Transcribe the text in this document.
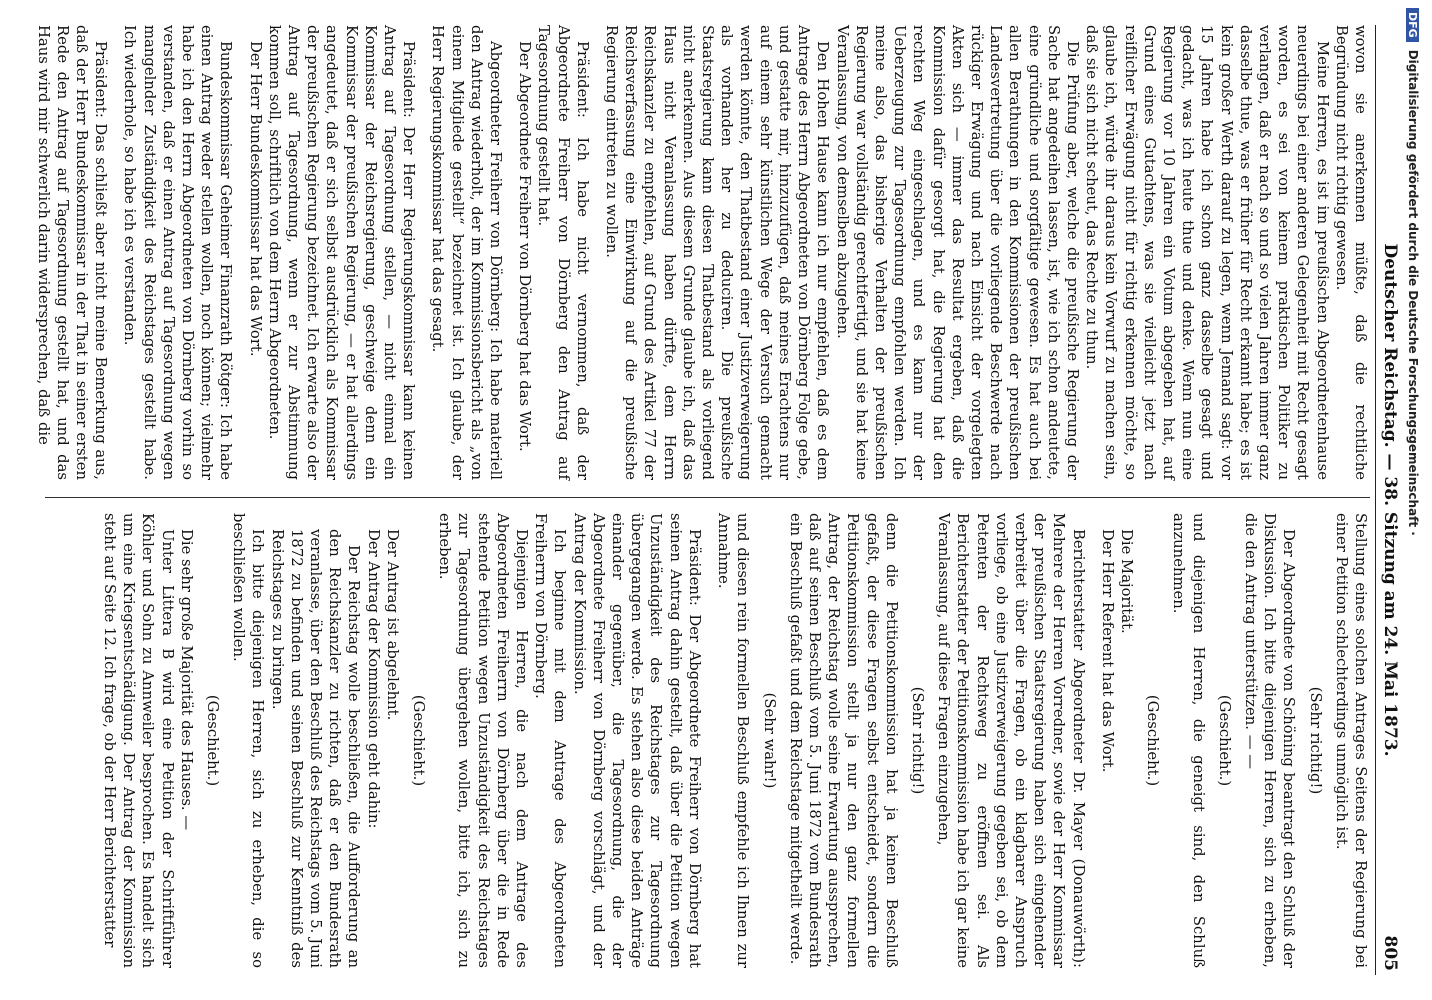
Deutscher Reichstag. — 38. Sitzung am 24. Mai 1873.
805

wovon sie anerkennen müßte, daß die rechtliche Begründung nicht richtig gewesen.

Meine Herren, es ist im preußischen Abgeordnetenhause neuerdings bei einer anderen Gelegenheit mit Recht gesagt worden, es sei von keinem praktischen Politiker zu verlangen, daß er nach so und so vielen Jahren immer ganz dasselbe thue, was er früher für Recht erkannt habe; es ist kein großer Werth darauf zu legen, wenn Jemand sagt: vor 15 Jahren habe ich schon ganz dasselbe gesagt und gedacht, was ich heute thue und denke. Wenn nun eine Regierung vor 10 Jahren ein Votum abgegeben hat, auf Grund eines Gutachtens, was sie vielleicht jetzt nach reiflicher Erwägung nicht für richtig erkennen möchte, so glaube ich, würde ihr daraus kein Vorwurf zu machen sein, daß sie sich nicht scheut, das Rechte zu thun.

Die Prüfung aber, welche die preußische Regierung der Sache hat angedeihen lassen, ist, wie ich schon andeutete, eine gründliche und sorgfältige gewesen. Es hat auch bei allen Berathungen in den Kommissionen der preußischen Landesvertretung über die vorliegende Beschwerde nach rückiger Erwägung und nach Einsicht der vorgelegten Akten sich — immer das Resultat ergeben, daß die Kommission dafür gesorgt hat, die Regierung hat den rechten Weg eingeschlagen, und es kann nur der Ueberzeugung zur Tagesordnung empfohlen werden. Ich meine also, das bisherige Verhalten der preußischen Regierung war vollständig gerechtfertigt, und sie hat keine Veranlassung, von demselben abzugehen.

Den Hohen Hause kann ich nur empfehlen, daß es dem Antrage des Herrn Abgeordneten von Dörnberg Folge gebe, und gestatte mir, hinzuzufügen, daß meines Erachtens nur auf einem sehr künstlichen Wege der Versuch gemacht werden könnte, den Thatbestand einer Justizverweigerung als vorhanden her zu deduciren. Die preußische Staatsregierung kann diesen Thatbestand als vorliegend nicht anerkennen. Aus diesem Grunde glaube ich, daß das Haus nicht Veranlassung haben dürfte, dem Herrn Reichskanzler zu empfehlen, auf Grund des Artikel 77 der Reichsverfassung eine Einwirkung auf die preußische Regierung eintreten zu wollen.

Präsident: Ich habe nicht vernommen, daß der Abgeordnete Freiherr von Dörnberg den Antrag auf Tagesordnung gestellt hat.

Der Abgeordnete Freiherr von Dörnberg hat das Wort.

Abgeordneter Freiherr von Dörnberg: Ich habe materiell den Antrag wiederholt, der im Kommissionsbericht als „von einem Mitgliede gestellt“ bezeichnet ist. Ich glaube, der Herr Regierungskommissar hat das gesagt.

Präsident: Der Herr Regierungskommissar kann keinen Antrag auf Tagesordnung stellen, — nicht einmal ein Kommissar der Reichsregierung, geschweige denn ein Kommissar der preußischen Regierung, — er hat allerdings angedeutet, daß er sich selbst ausdrücklich als Kommissar der preußischen Regierung bezeichnet. Ich erwarte also der Antrag auf Tagesordnung, wenn er zur Abstimmung kommen soll, schriftlich von dem Herrn Abgeordneten.

Der Herr Bundeskommissar hat das Wort.

Bundeskommissar Geheimer Finanzrath Rötger: Ich habe einen Antrag weder stellen wollen, noch können; vielmehr habe ich den Herrn Abgeordneten von Dörnberg vorhin so verstanden, daß er einen Antrag auf Tagesordnung wegen mangelnder Zuständigkeit des Reichstages gestellt habe. Ich wiederhole, so habe ich es verstanden.

Präsident: Das schließt aber nicht meine Bemerkung aus, daß der Herr Bundeskommissar in der That in seiner ersten Rede den Antrag auf Tagesordnung gestellt hat, und das Haus wird mir schwerlich darin widersprechen, daß die

Stellung eines solchen Antrages Seitens der Regierung bei einer Petition schlechterdings unmöglich ist.

(Sehr richtig!)

Der Abgeordnete von Schöning beantragt den Schluß der Diskussion. Ich bitte diejenigen Herren, sich zu erheben, die den Antrag unterstützen. — —

(Geschieht.)

und diejenigen Herren, die geneigt sind, den Schluß anzunehmen.

(Geschieht.)

Die Majorität.

Der Herr Referent hat das Wort.

Berichterstatter Abgeordneter Dr. Mayer (Donauwörth): Mehrere der Herren Vorredner, sowie der Herr Kommissar der preußischen Staatsregierung haben sich eingehender verbreitet über die Fragen, ob ein klagbarer Anspruch vorliege, ob eine Justizverweigerung gegeben sei, ob dem Petenten der Rechtsweg zu eröffnen sei. Als Berichterstatter der Petitionskommission habe ich gar keine Veranlassung, auf diese Fragen einzugehen,

(Sehr richtig!)

denn die Petitionskommission hat ja keinen Beschluß gefaßt, der diese Fragen selbst entscheidet, sondern die Petitionskommission stellt ja nur den ganz formellen Antrag, der Reichstag wolle seine Erwartung aussprechen, daß auf seinen Beschluß vom 5. Juni 1872 vom Bundesrath ein Beschluß gefaßt und dem Reichstage mitgetheilt werde.

(Sehr wahr!)

und diesen rein formellen Beschluß empfehle ich Ihnen zur Annahme.

Präsident: Der Abgeordnete Freiherr von Dörnberg hat seinen Antrag dahin gestellt, daß über die Petition wegen Unzuständigkeit des Reichstages zur Tagesordnung übergegangen werde. Es stehen also diese beiden Anträge einander gegenüber, die Tagesordnung, die der Abgeordnete Freiherr von Dörnberg vorschlägt, und der Antrag der Kommission.

Ich beginne mit dem Antrage des Abgeordneten Freiherrn von Dörnberg.

Diejenigen Herren, die nach dem Antrage des Abgeordneten Freiherrn von Dörnberg über die in Rede stehende Petition wegen Unzuständigkeit des Reichstages zur Tagesordnung übergehen wollen, bitte ich, sich zu erheben.

(Geschieht.)

Der Antrag ist abgelehnt.

Der Antrag der Kommission geht dahin:

Der Reichstag wolle beschließen, die Aufforderung an den Reichskanzler zu richten, daß er den Bundesrath veranlasse, über den Beschluß des Reichstags vom 5. Juni 1872 zu befinden und seinen Beschluß zur Kenntniß des Reichstages zu bringen.

Ich bitte diejenigen Herren, sich zu erheben, die so beschließen wollen.

(Geschieht.)

Die sehr große Majorität des Hauses. —

Unter Littera B wird eine Petition der Schriftführer Köhler und Sohn zu Annweiler besprochen. Es handelt sich um eine Kriegsentschädigung. Der Antrag der Kommission steht auf Seite 12. Ich frage, ob der Herr Berichterstatter

DFGDigitalisierung gefördert durch die Deutsche Forschungsgemeinschaft ·
